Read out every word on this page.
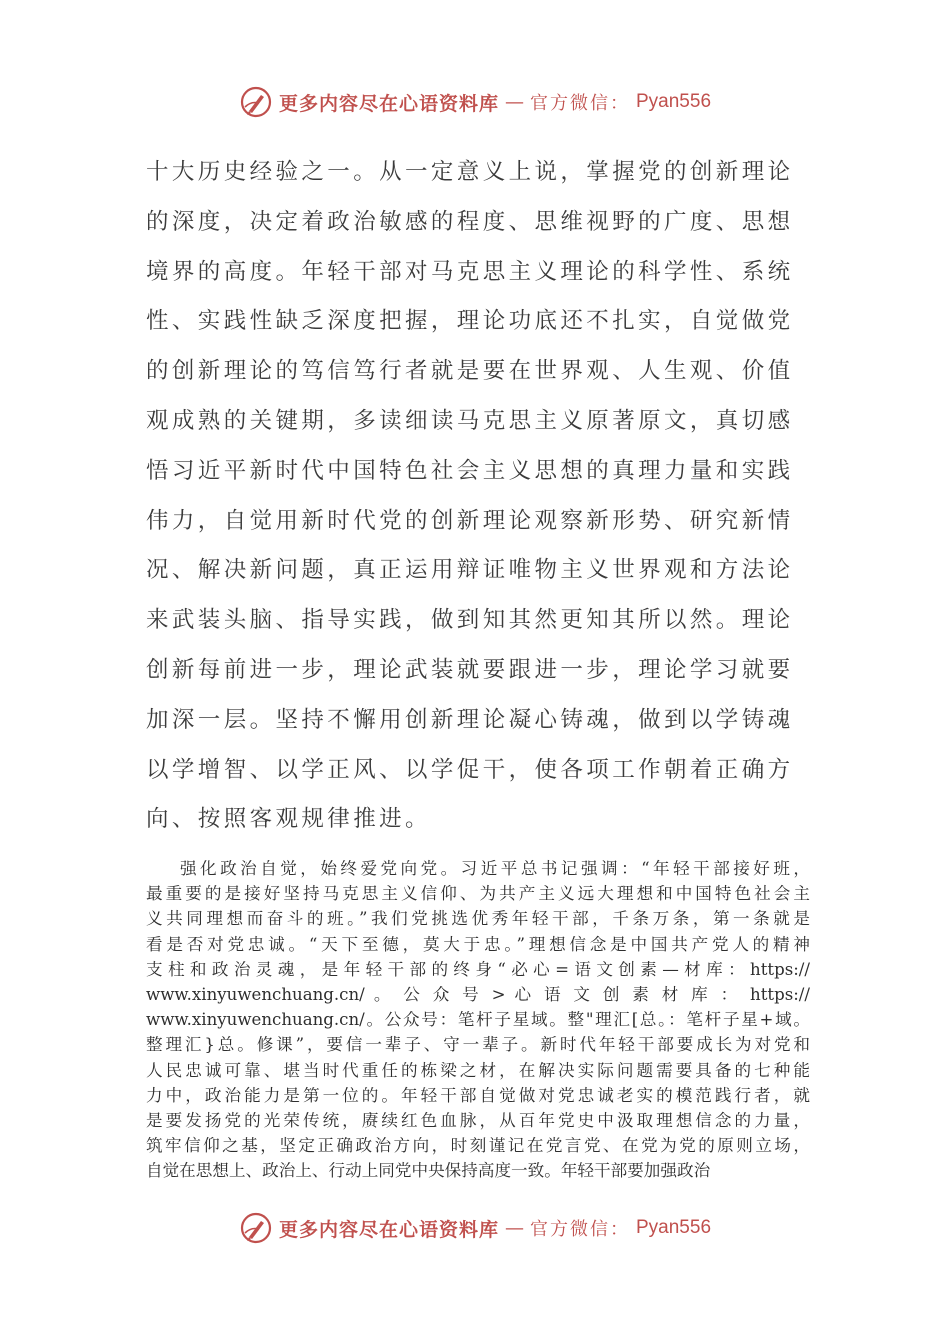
更多内容尽在心语资料库 — 官方微信： Pyan556
十大历史经验之一。从一定意义上说，掌握党的创新理论
的深度，决定着政治敏感的程度、思维视野的广度、思想
境界的高度。年轻干部对马克思主义理论的科学性、系统
性、实践性缺乏深度把握，理论功底还不扎实，自觉做党
的创新理论的笃信笃行者就是要在世界观、人生观、价值
观成熟的关键期，多读细读马克思主义原著原文，真切感
悟习近平新时代中国特色社会主义思想的真理力量和实践
伟力，自觉用新时代党的创新理论观察新形势、研究新情
况、解决新问题，真正运用辩证唯物主义世界观和方法论
来武装头脑、指导实践，做到知其然更知其所以然。理论
创新每前进一步，理论武装就要跟进一步，理论学习就要
加深一层。坚持不懈用创新理论凝心铸魂，做到以学铸魂
以学增智、以学正风、以学促干，使各项工作朝着正确方
向、按照客观规律推进。
强化政治自觉，始终爱党向党。习近平总书记强调：“年轻干部接好班，
最重要的是接好坚持马克思主义信仰、为共产主义远大理想和中国特色社会主
义共同理想而奋斗的班。”我们党挑选优秀年轻干部，千条万条，第一条就是
看是否对党忠诚。“天下至德，莫大于忠。”理想信念是中国共产党人的精神
支柱和政治灵魂，是年轻干部的终身“必心=语文创素—材库：https://
www.xinyuwenchuang.cn/ 。 公 众 号 > 心 语 文 创 素 材 库 ： https://
www.xinyuwenchuang.cn/。公众号：笔杆子星域。整"理汇[总。：笔杆子星+域。
整理汇}总。修课”，要信一辈子、守一辈子。新时代年轻干部要成长为对党和
人民忠诚可靠、堪当时代重任的栋梁之材，在解决实际问题需要具备的七种能
力中，政治能力是第一位的。年轻干部自觉做对党忠诚老实的模范践行者，就
是要发扬党的光荣传统，赓续红色血脉，从百年党史中汲取理想信念的力量，
筑牢信仰之基，坚定正确政治方向，时刻谨记在党言党、在党为党的原则立场，
自觉在思想上、政治上、行动上同党中央保持高度一致。年轻干部要加强政治
更多内容尽在心语资料库 — 官方微信： Pyan556
